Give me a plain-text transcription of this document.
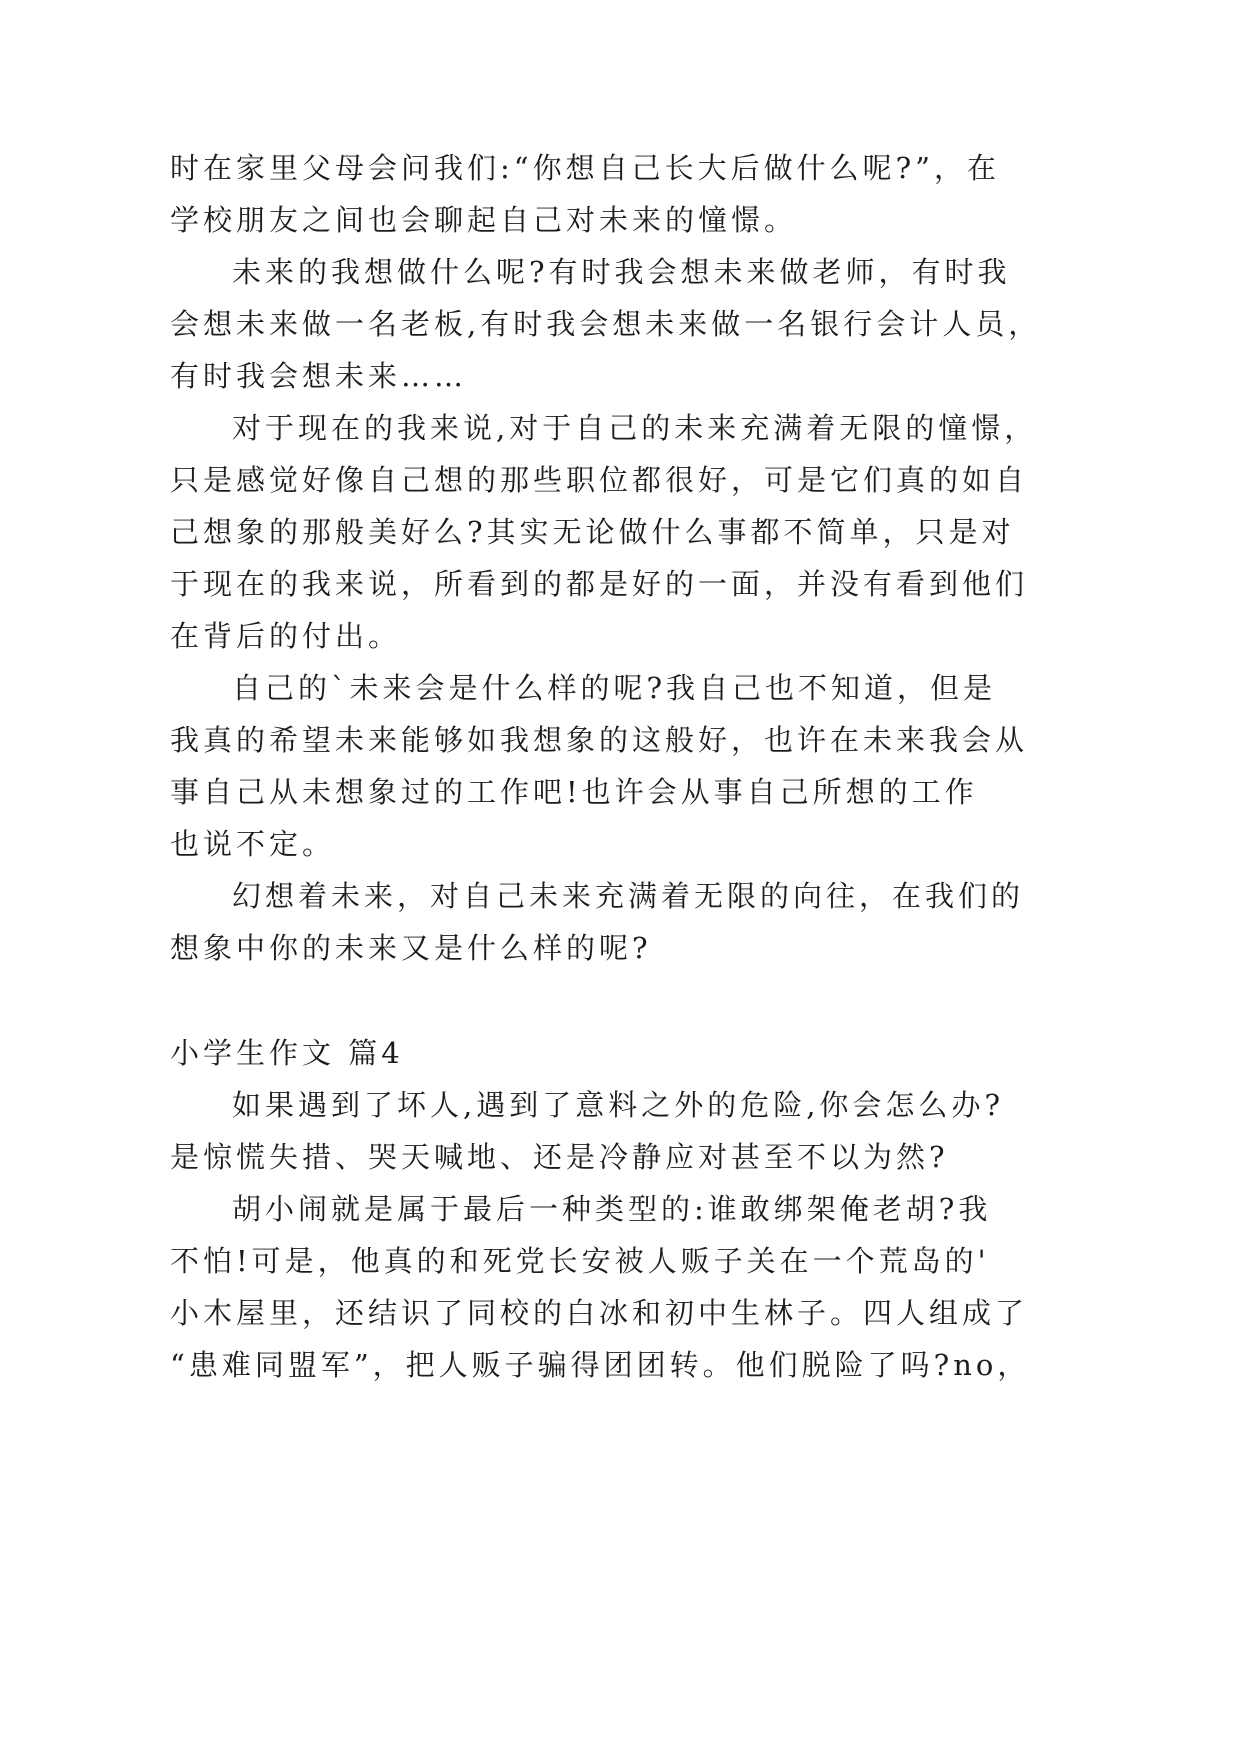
时在家里父母会问我们:“你想自己长大后做什么呢?”，在
学校朋友之间也会聊起自己对未来的憧憬。
未来的我想做什么呢?有时我会想未来做老师，有时我
会想未来做一名老板,有时我会想未来做一名银行会计人员，
有时我会想未来……
对于现在的我来说,对于自己的未来充满着无限的憧憬，
只是感觉好像自己想的那些职位都很好，可是它们真的如自
己想象的那般美好么?其实无论做什么事都不简单，只是对
于现在的我来说，所看到的都是好的一面，并没有看到他们
在背后的付出。
自己的`未来会是什么样的呢?我自己也不知道，但是
我真的希望未来能够如我想象的这般好，也许在未来我会从
事自己从未想象过的工作吧!也许会从事自己所想的工作
也说不定。
幻想着未来，对自己未来充满着无限的向往，在我们的
想象中你的未来又是什么样的呢?
小学生作文 篇4
如果遇到了坏人,遇到了意料之外的危险,你会怎么办?
是惊慌失措、哭天喊地、还是冷静应对甚至不以为然?
胡小闹就是属于最后一种类型的:谁敢绑架俺老胡?我
不怕!可是，他真的和死党长安被人贩子关在一个荒岛的'
小木屋里，还结识了同校的白冰和初中生林子。四人组成了
“患难同盟军”，把人贩子骗得团团转。他们脱险了吗?no，
